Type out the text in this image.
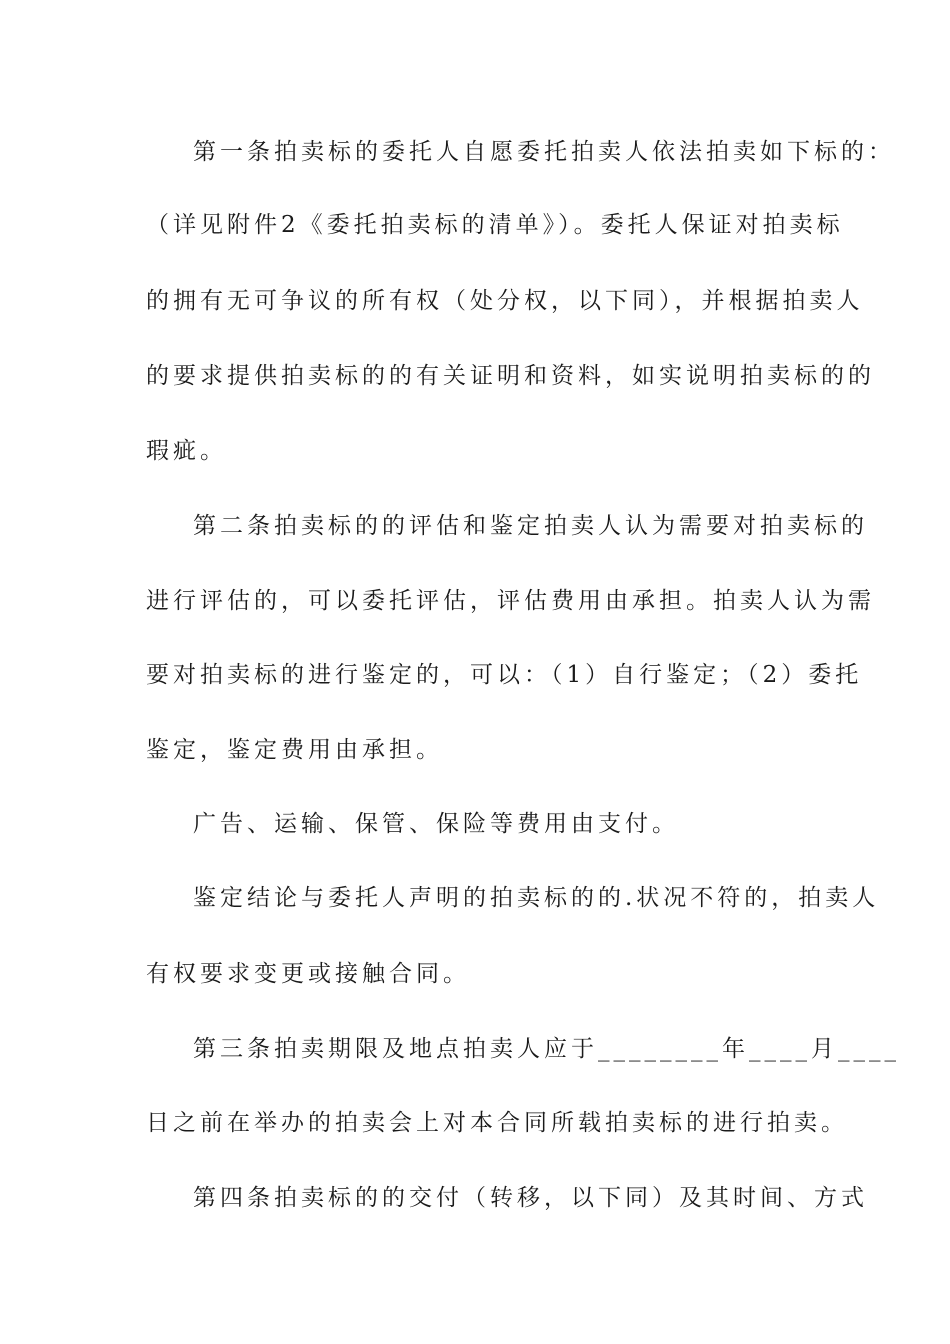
第一条拍卖标的委托人自愿委托拍卖人依法拍卖如下标的：
（详见附件2《委托拍卖标的清单》）。委托人保证对拍卖标
的拥有无可争议的所有权（处分权，以下同），并根据拍卖人
的要求提供拍卖标的的有关证明和资料，如实说明拍卖标的的
瑕疵。
第二条拍卖标的的评估和鉴定拍卖人认为需要对拍卖标的
进行评估的，可以委托评估，评估费用由承担。拍卖人认为需
要对拍卖标的进行鉴定的，可以：（1）自行鉴定；（2）委托
鉴定，鉴定费用由承担。
广告、运输、保管、保险等费用由支付。
鉴定结论与委托人声明的拍卖标的的.状况不符的，拍卖人
有权要求变更或接触合同。
第三条拍卖期限及地点拍卖人应于________年____月____
日之前在举办的拍卖会上对本合同所载拍卖标的进行拍卖。
第四条拍卖标的的交付（转移，以下同）及其时间、方式
